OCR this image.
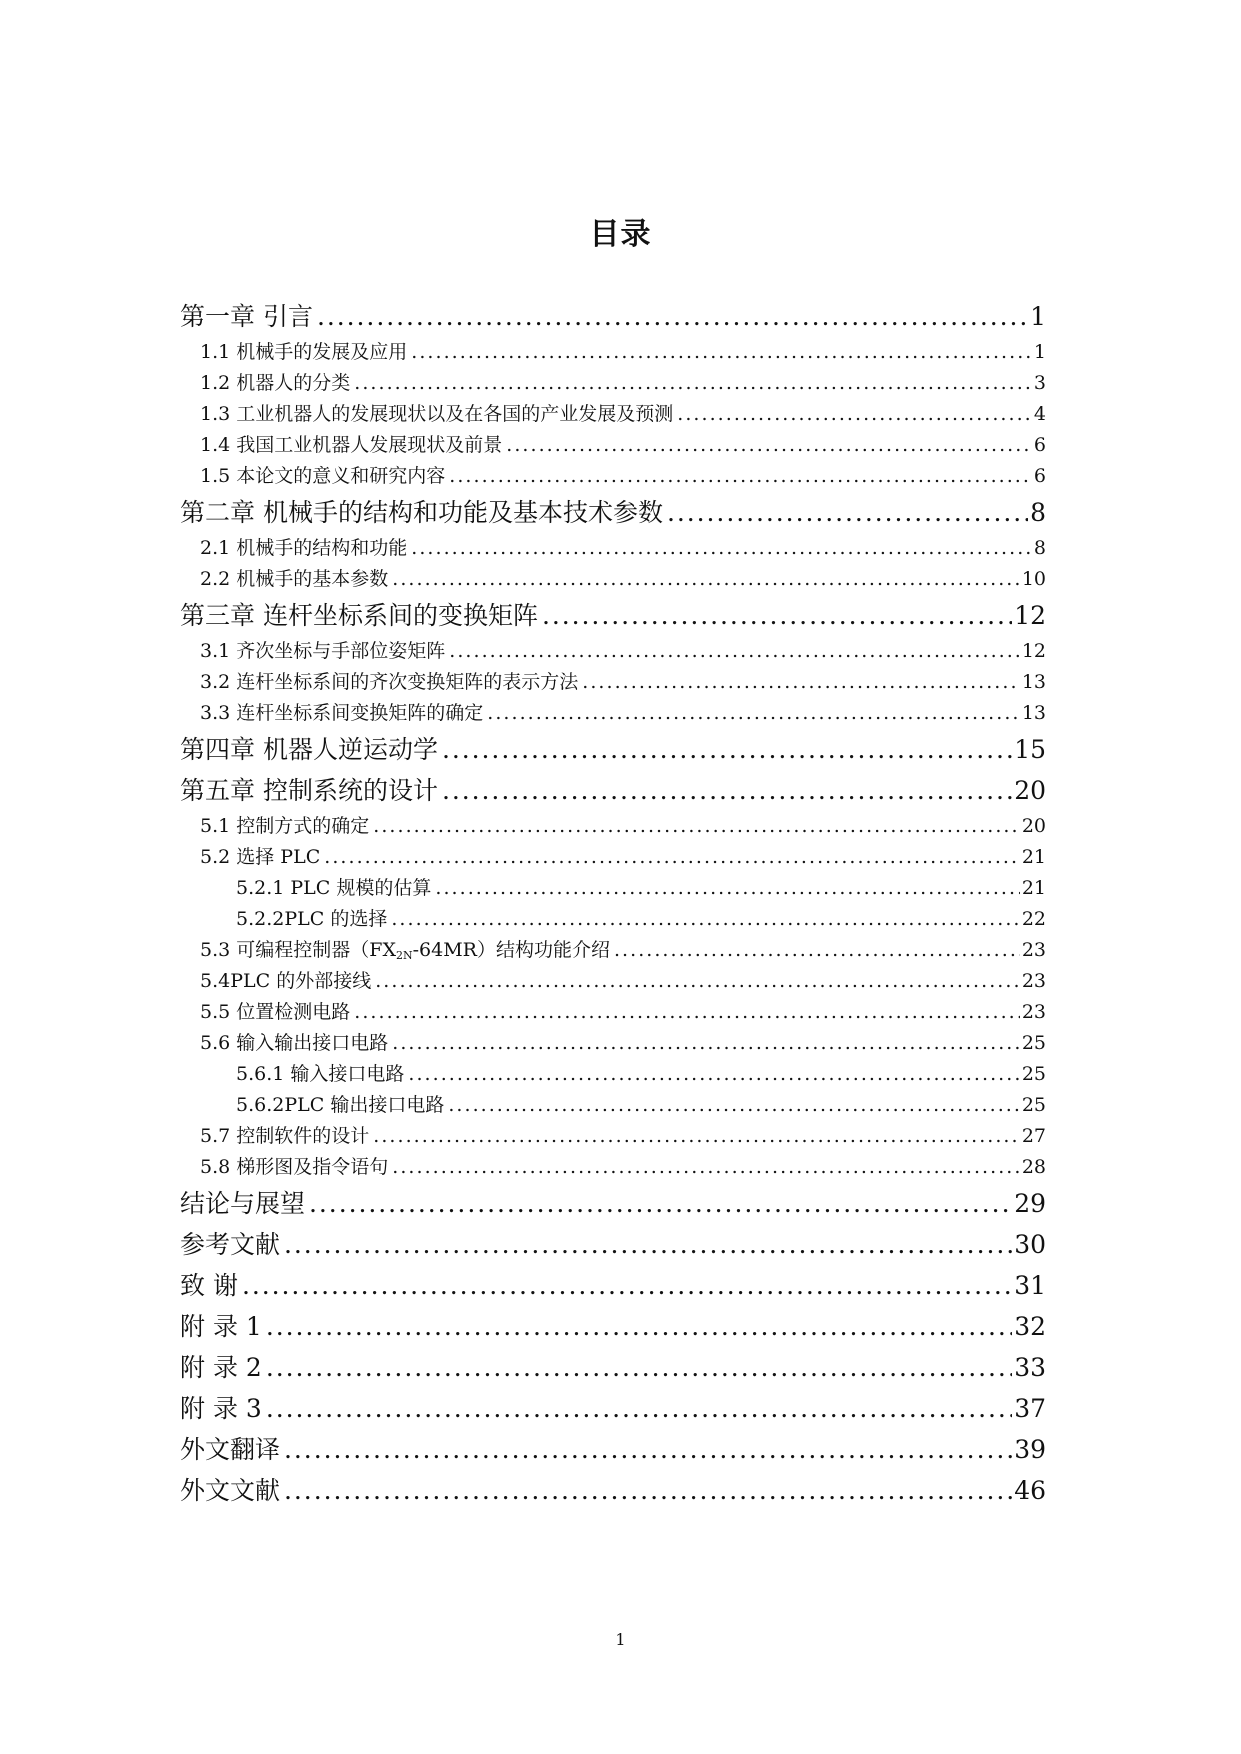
目录
第一章 引言 . . .	1
1.1 机械手的发展及应用 . . .	1
1.2 机器人的分类 . . .	3
1.3 工业机器人的发展现状以及在各国的产业发展及预测 . . .	4
1.4 我国工业机器人发展现状及前景 . . .	6
1.5 本论文的意义和研究内容 . . .	6
第二章 机械手的结构和功能及基本技术参数 . . .	8
2.1 机械手的结构和功能 . . .	8
2.2 机械手的基本参数 . . .	10
第三章 连杆坐标系间的变换矩阵 . . .	12
3.1 齐次坐标与手部位姿矩阵 . . .	12
3.2 连杆坐标系间的齐次变换矩阵的表示方法 . . .	13
3.3 连杆坐标系间变换矩阵的确定 . . .	13
第四章 机器人逆运动学 . . .	15
第五章 控制系统的设计 . . .	20
5.1 控制方式的确定 . . .	20
5.2 选择 PLC . . .	21
5.2.1 PLC 规模的估算 . . .	21
5.2.2PLC 的选择 . . .	22
5.3 可编程控制器$(FX_{2N}-64MR)$结构功能介绍 . . .	23
5.4PLC 的外部接线 . . .	23
5.5 位置检测电路 . . .	23
5.6 输入输出接口电路 . . .	25
5.6.1 输入接口电路 . . .	25
5.6.2PLC 输出接口电路 . . .	25
5.7 控制软件的设计 . . .	27
5.8 梯形图及指令语句 . . .	28
结论与展望 . . .	29
参考文献 . . .	30
致 谢 . . .	31
附 录 1 . . .	32
附 录 2 . . .	33
附 录 3 . . .	37
外文翻译 . . .	39
外文文献 . . .	46
1
